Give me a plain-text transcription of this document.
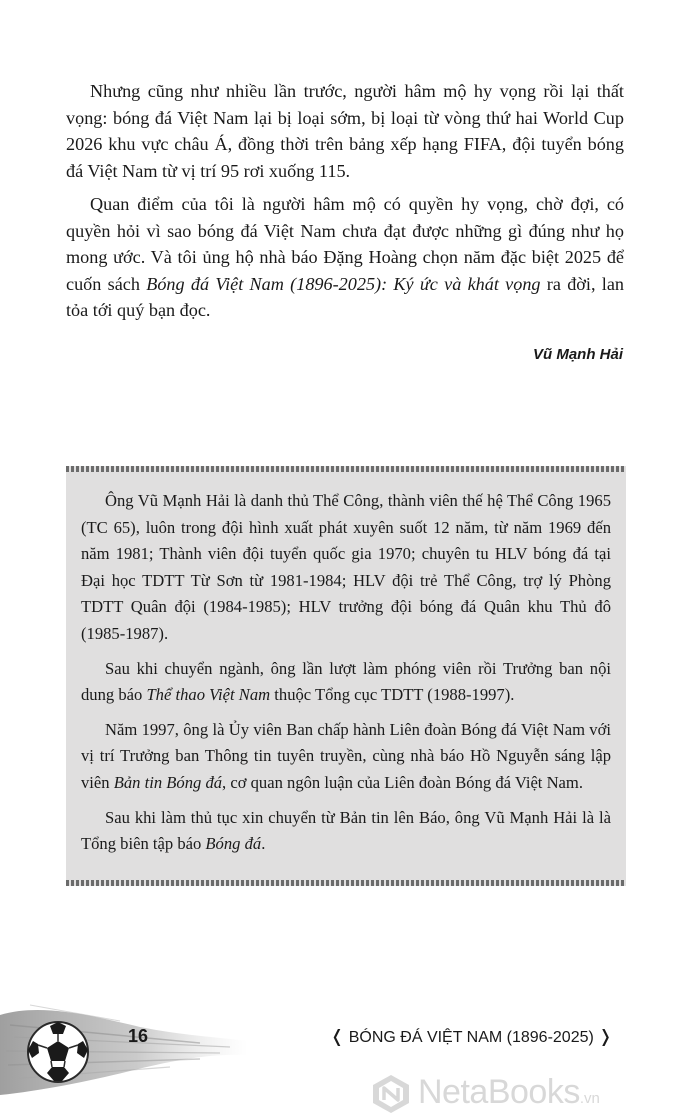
Nhưng cũng như nhiều lần trước, người hâm mộ hy vọng rồi lại thất vọng: bóng đá Việt Nam lại bị loại sớm, bị loại từ vòng thứ hai World Cup 2026 khu vực châu Á, đồng thời trên bảng xếp hạng FIFA, đội tuyển bóng đá Việt Nam từ vị trí 95 rơi xuống 115.

Quan điểm của tôi là người hâm mộ có quyền hy vọng, chờ đợi, có quyền hỏi vì sao bóng đá Việt Nam chưa đạt được những gì đúng như họ mong ước. Và tôi ủng hộ nhà báo Đặng Hoàng chọn năm đặc biệt 2025 để cuốn sách Bóng đá Việt Nam (1896-2025): Ký ức và khát vọng ra đời, lan tỏa tới quý bạn đọc.

Vũ Mạnh Hải

Ông Vũ Mạnh Hải là danh thủ Thể Công, thành viên thế hệ Thể Công 1965 (TC 65), luôn trong đội hình xuất phát xuyên suốt 12 năm, từ năm 1969 đến năm 1981; Thành viên đội tuyển quốc gia 1970; chuyên tu HLV bóng đá tại Đại học TDTT Từ Sơn từ 1981-1984; HLV đội trẻ Thể Công, trợ lý Phòng TDTT Quân đội (1984-1985); HLV trưởng đội bóng đá Quân khu Thủ đô (1985-1987).

Sau khi chuyển ngành, ông lần lượt làm phóng viên rồi Trưởng ban nội dung báo Thể thao Việt Nam thuộc Tổng cục TDTT (1988-1997).

Năm 1997, ông là Ủy viên Ban chấp hành Liên đoàn Bóng đá Việt Nam với vị trí Trưởng ban Thông tin tuyên truyền, cùng nhà báo Hồ Nguyễn sáng lập viên Bản tin Bóng đá, cơ quan ngôn luận của Liên đoàn Bóng đá Việt Nam.

Sau khi làm thủ tục xin chuyển từ Bản tin lên Báo, ông Vũ Mạnh Hải là là Tổng biên tập báo Bóng đá.

16	❬ BÓNG ĐÁ VIỆT NAM (1896-2025) ❭
NetaBooks.vn
